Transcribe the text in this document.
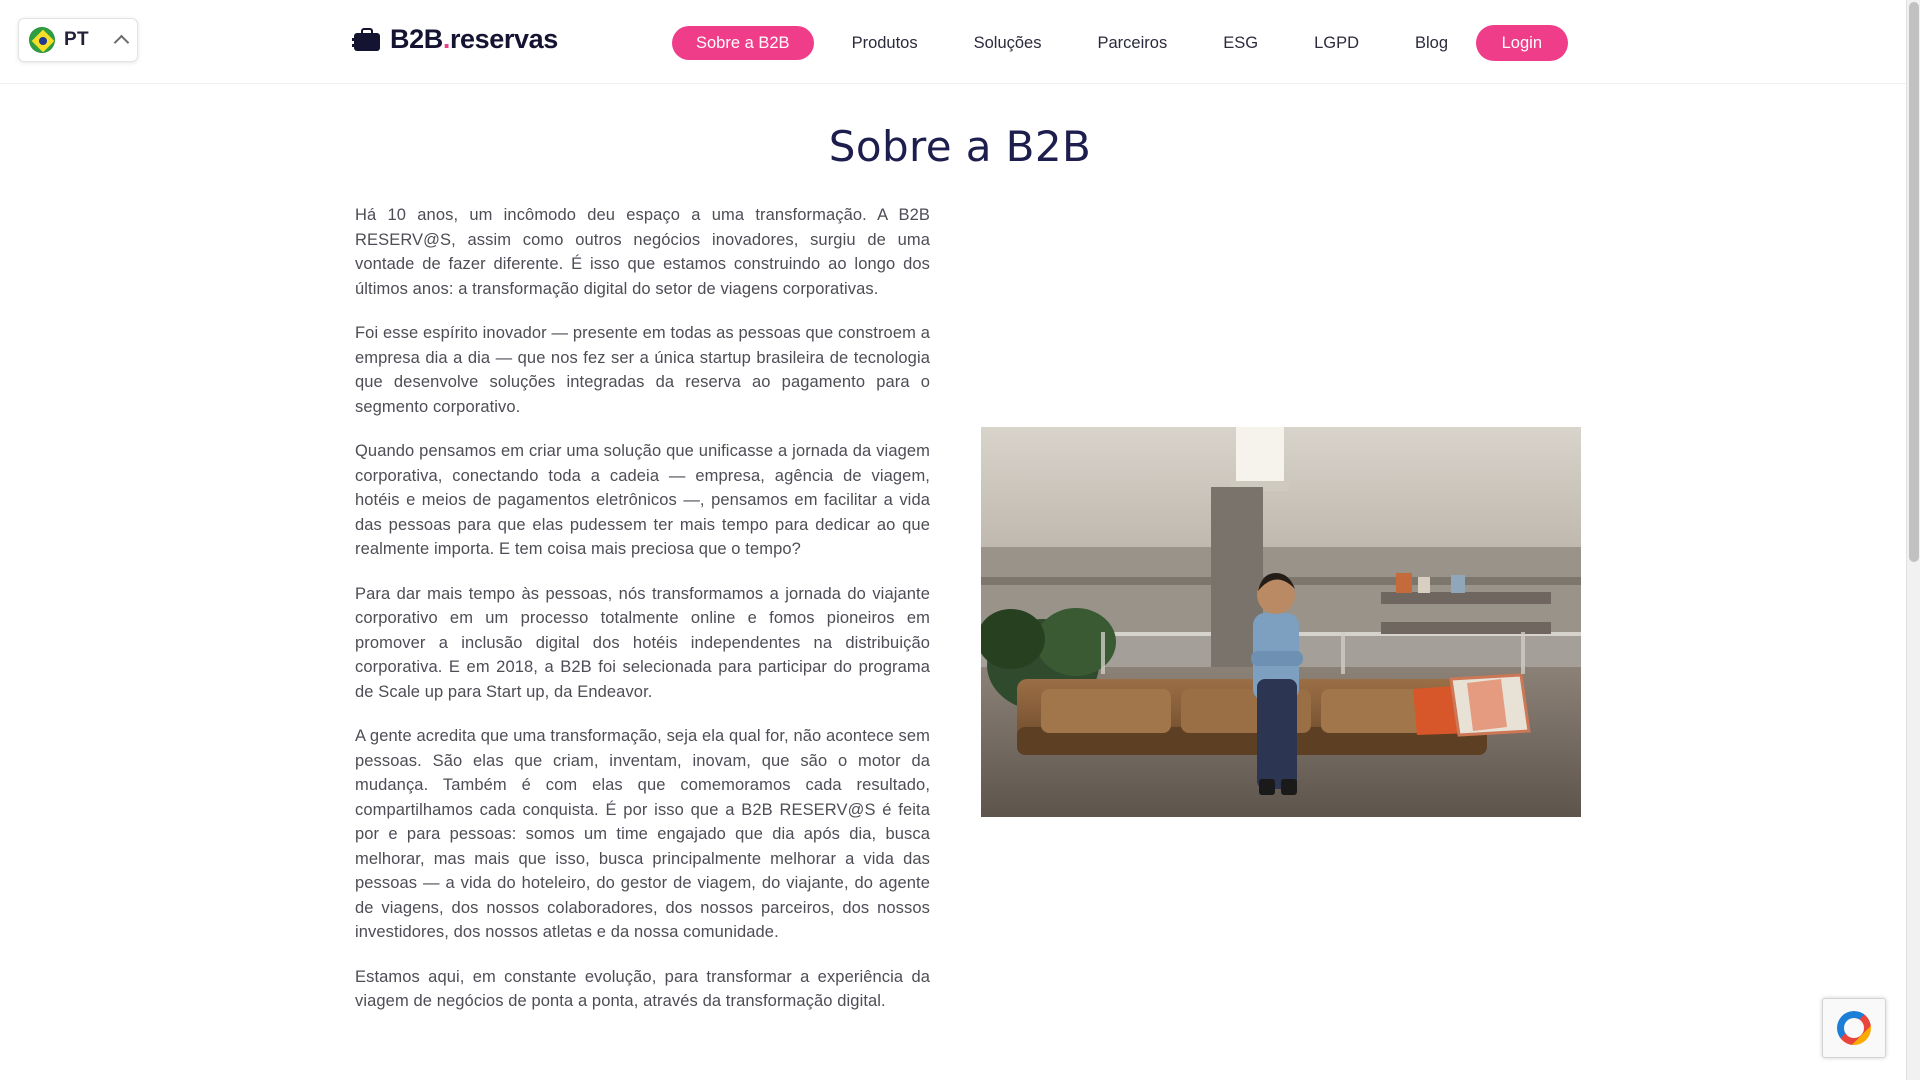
PT	B2B.reservas	Sobre a B2B	Produtos	Soluções	Parceiros	ESG	LGPD	Blog	Login
Sobre a B2B

Há 10 anos, um incômodo deu espaço a uma transformação. A B2B RESERV@S, assim como outros negócios inovadores, surgiu de uma vontade de fazer diferente. É isso que estamos construindo ao longo dos últimos anos: a transformação digital do setor de viagens corporativas.

Foi esse espírito inovador — presente em todas as pessoas que constroem a empresa dia a dia — que nos fez ser a única startup brasileira de tecnologia que desenvolve soluções integradas da reserva ao pagamento para o segmento corporativo.

Quando pensamos em criar uma solução que unificasse a jornada da viagem corporativa, conectando toda a cadeia — empresa, agência de viagem, hotéis e meios de pagamentos eletrônicos —, pensamos em facilitar a vida das pessoas para que elas pudessem ter mais tempo para dedicar ao que realmente importa. E tem coisa mais preciosa que o tempo?

Para dar mais tempo às pessoas, nós transformamos a jornada do viajante corporativo em um processo totalmente online e fomos pioneiros em promover a inclusão digital dos hotéis independentes na distribuição corporativa. E em 2018, a B2B foi selecionada para participar do programa de Scale up para Start up, da Endeavor.

A gente acredita que uma transformação, seja ela qual for, não acontece sem pessoas. São elas que criam, inventam, inovam, que são o motor da mudança. Também é com elas que comemoramos cada resultado, compartilhamos cada conquista. É por isso que a B2B RESERV@S é feita por e para pessoas: somos um time engajado que dia após dia, busca melhorar, mas mais que isso, busca principalmente melhorar a vida das pessoas — a vida do hoteleiro, do gestor de viagem, do viajante, do agente de viagens, dos nossos colaboradores, dos nossos parceiros, dos nossos investidores, dos nossos atletas e da nossa comunidade.

Estamos aqui, em constante evolução, para transformar a experiência da viagem de negócios de ponta a ponta, através da transformação digital.
